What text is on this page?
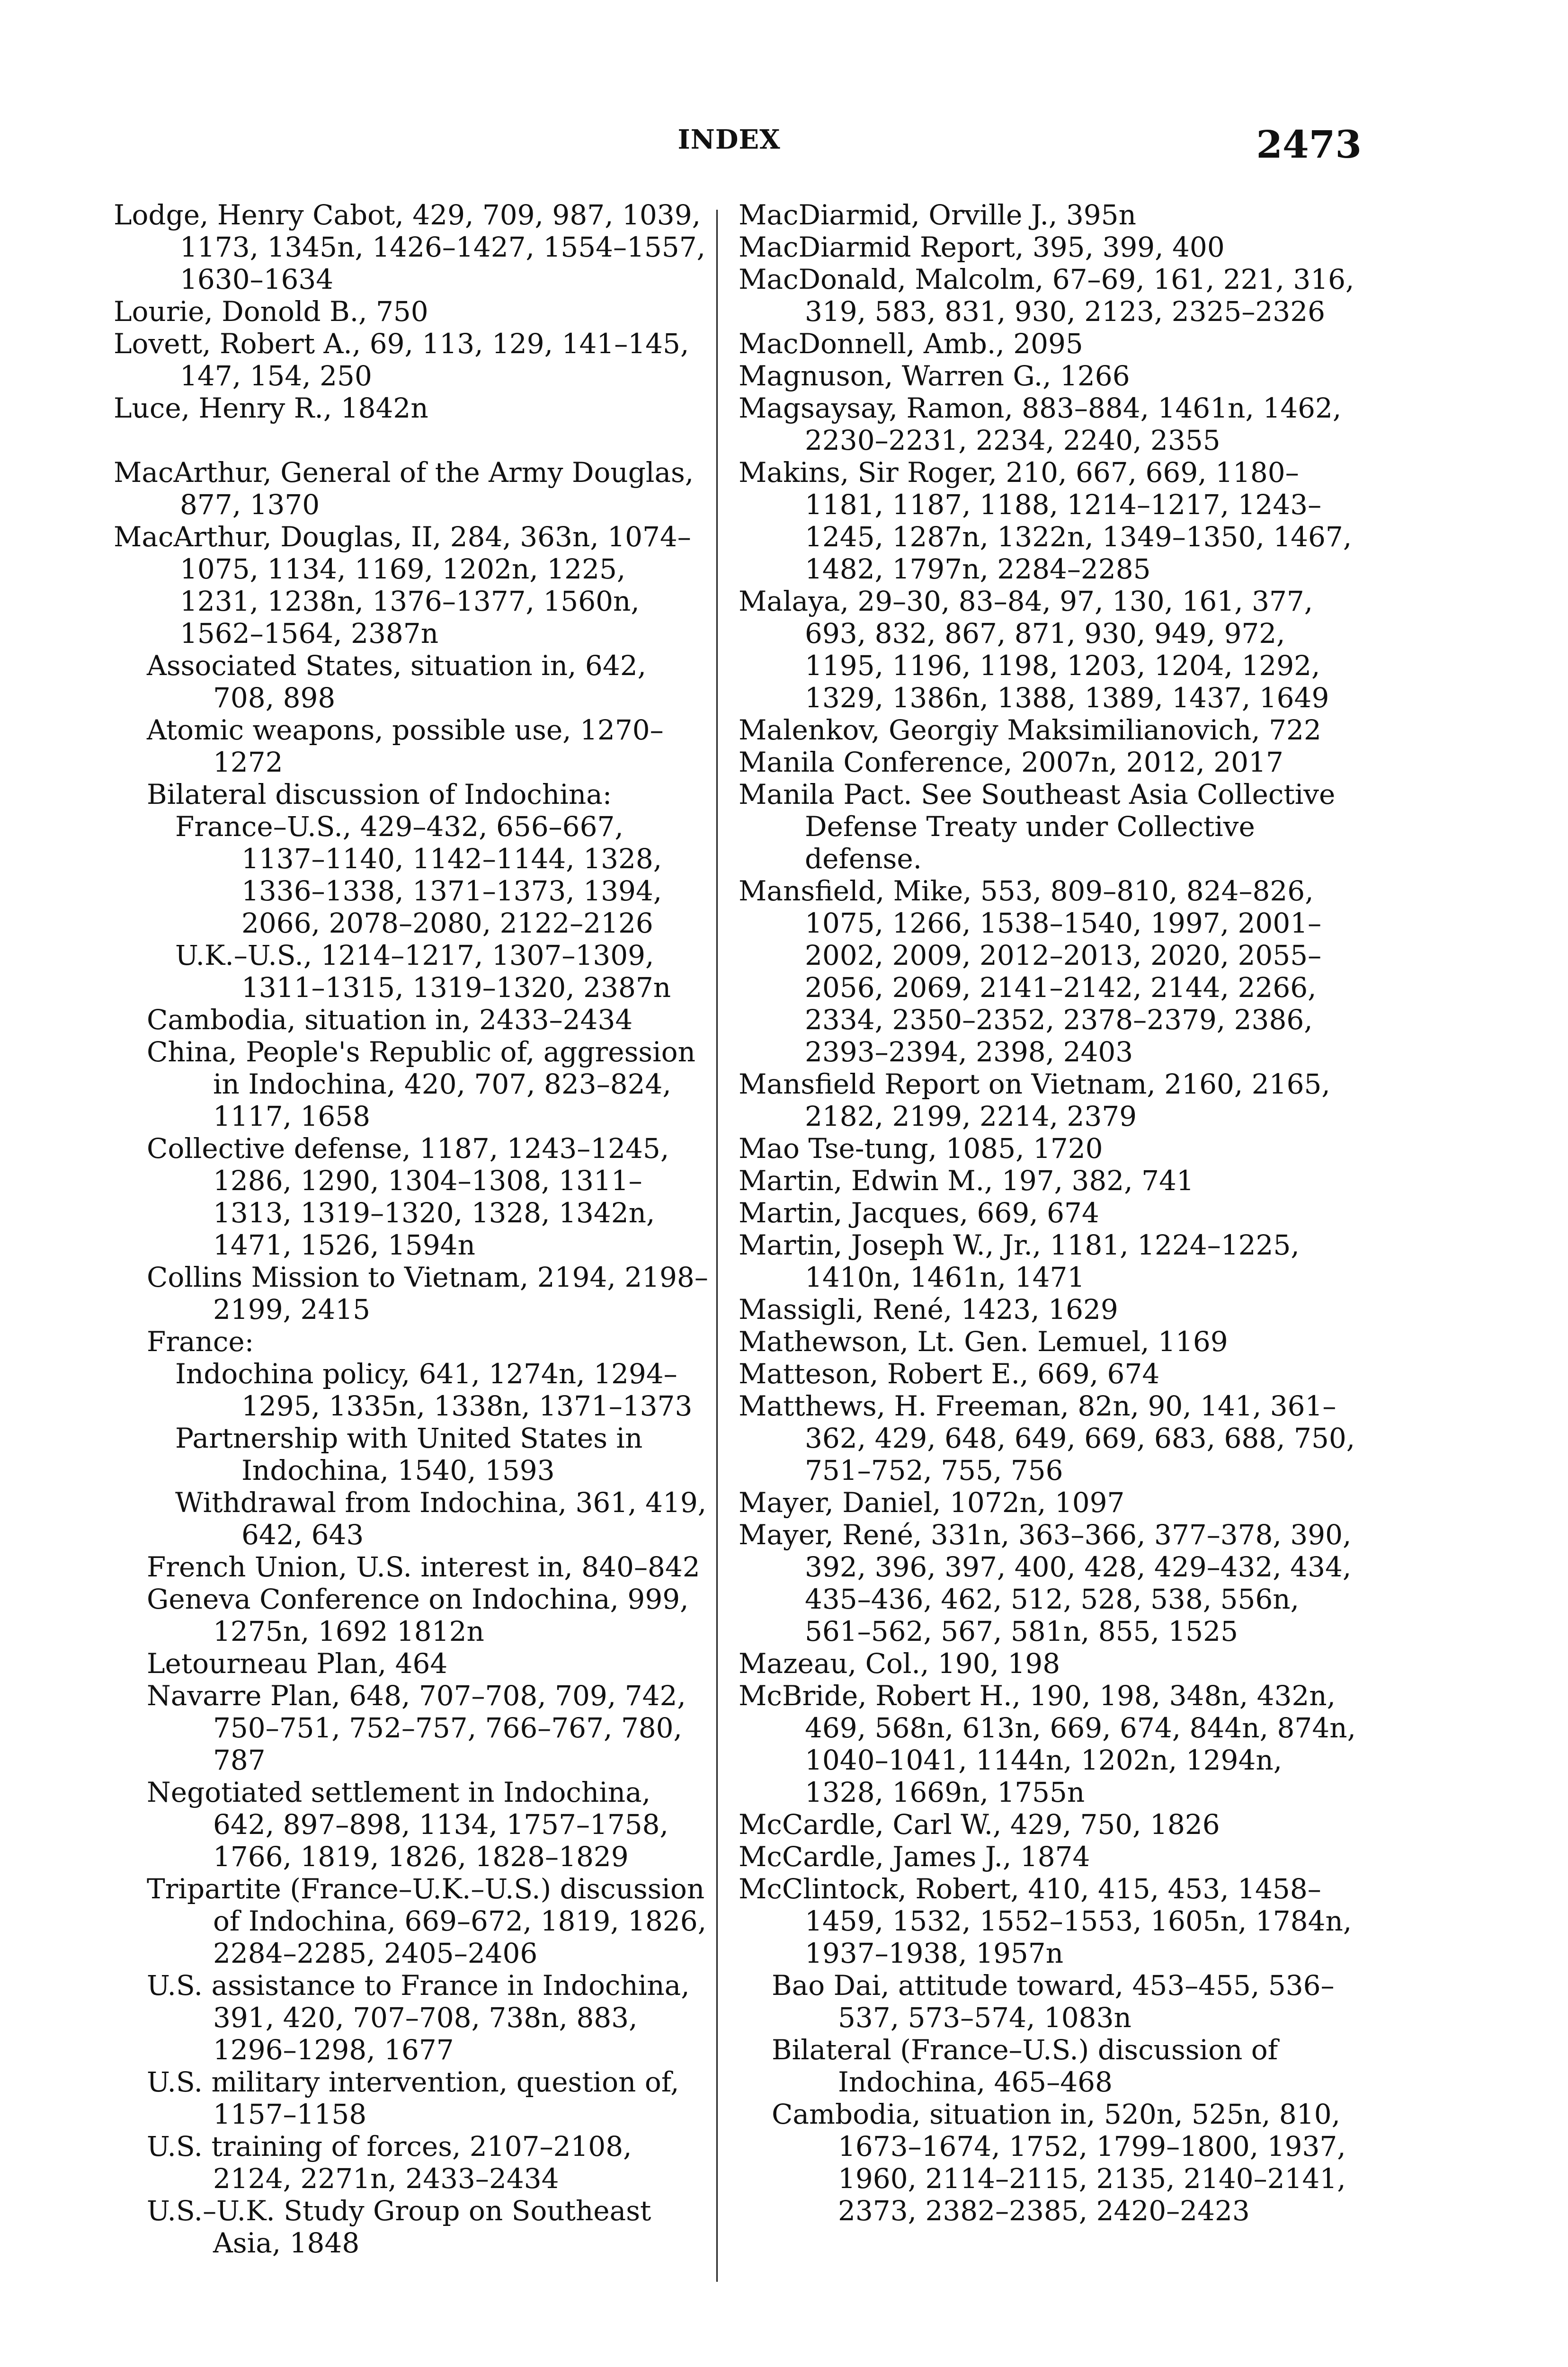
INDEX	2473

Lodge, Henry Cabot, 429, 709, 987, 1039, 1173, 1345n, 1426–1427, 1554–1557, 1630–1634

Lourie, Donold B., 750

Lovett, Robert A., 69, 113, 129, 141–145, 147, 154, 250

Luce, Henry R., 1842n

MacArthur, General of the Army Douglas, 877, 1370

MacArthur, Douglas, II, 284, 363n, 1074–1075, 1134, 1169, 1202n, 1225, 1231, 1238n, 1376–1377, 1560n, 1562–1564, 2387n

Associated States, situation in, 642, 708, 898

Atomic weapons, possible use, 1270–1272

Bilateral discussion of Indochina:

France–U.S., 429–432, 656–667, 1137–1140, 1142–1144, 1328, 1336–1338, 1371–1373, 1394, 2066, 2078–2080, 2122–2126

U.K.–U.S., 1214–1217, 1307–1309, 1311–1315, 1319–1320, 2387n

Cambodia, situation in, 2433–2434

China, People's Republic of, aggression in Indochina, 420, 707, 823–824, 1117, 1658

Collective defense, 1187, 1243–1245, 1286, 1290, 1304–1308, 1311–1313, 1319–1320, 1328, 1342n, 1471, 1526, 1594n

Collins Mission to Vietnam, 2194, 2198–2199, 2415

France:

Indochina policy, 641, 1274n, 1294–1295, 1335n, 1338n, 1371–1373

Partnership with United States in Indochina, 1540, 1593

Withdrawal from Indochina, 361, 419, 642, 643

French Union, U.S. interest in, 840–842

Geneva Conference on Indochina, 999, 1275n, 1692 1812n

Letourneau Plan, 464

Navarre Plan, 648, 707–708, 709, 742, 750–751, 752–757, 766–767, 780, 787

Negotiated settlement in Indochina, 642, 897–898, 1134, 1757–1758, 1766, 1819, 1826, 1828–1829

Tripartite (France–U.K.–U.S.) discussion of Indochina, 669–672, 1819, 1826, 2284–2285, 2405–2406

U.S. assistance to France in Indochina, 391, 420, 707–708, 738n, 883, 1296–1298, 1677

U.S. military intervention, question of, 1157–1158

U.S. training of forces, 2107–2108, 2124, 2271n, 2433–2434

U.S.–U.K. Study Group on Southeast Asia, 1848

MacDiarmid, Orville J., 395n

MacDiarmid Report, 395, 399, 400

MacDonald, Malcolm, 67–69, 161, 221, 316, 319, 583, 831, 930, 2123, 2325–2326

MacDonnell, Amb., 2095

Magnuson, Warren G., 1266

Magsaysay, Ramon, 883–884, 1461n, 1462, 2230–2231, 2234, 2240, 2355

Makins, Sir Roger, 210, 667, 669, 1180–1181, 1187, 1188, 1214–1217, 1243–1245, 1287n, 1322n, 1349–1350, 1467, 1482, 1797n, 2284–2285

Malaya, 29–30, 83–84, 97, 130, 161, 377, 693, 832, 867, 871, 930, 949, 972, 1195, 1196, 1198, 1203, 1204, 1292, 1329, 1386n, 1388, 1389, 1437, 1649

Malenkov, Georgiy Maksimilianovich, 722

Manila Conference, 2007n, 2012, 2017

Manila Pact. See Southeast Asia Collective Defense Treaty under Collective defense.

Mansfield, Mike, 553, 809–810, 824–826, 1075, 1266, 1538–1540, 1997, 2001–2002, 2009, 2012–2013, 2020, 2055–2056, 2069, 2141–2142, 2144, 2266, 2334, 2350–2352, 2378–2379, 2386, 2393–2394, 2398, 2403

Mansfield Report on Vietnam, 2160, 2165, 2182, 2199, 2214, 2379

Mao Tse-tung, 1085, 1720

Martin, Edwin M., 197, 382, 741

Martin, Jacques, 669, 674

Martin, Joseph W., Jr., 1181, 1224–1225, 1410n, 1461n, 1471

Massigli, René, 1423, 1629

Mathewson, Lt. Gen. Lemuel, 1169

Matteson, Robert E., 669, 674

Matthews, H. Freeman, 82n, 90, 141, 361–362, 429, 648, 649, 669, 683, 688, 750, 751–752, 755, 756

Mayer, Daniel, 1072n, 1097

Mayer, René, 331n, 363–366, 377–378, 390, 392, 396, 397, 400, 428, 429–432, 434, 435–436, 462, 512, 528, 538, 556n, 561–562, 567, 581n, 855, 1525

Mazeau, Col., 190, 198

McBride, Robert H., 190, 198, 348n, 432n, 469, 568n, 613n, 669, 674, 844n, 874n, 1040–1041, 1144n, 1202n, 1294n, 1328, 1669n, 1755n

McCardle, Carl W., 429, 750, 1826

McCardle, James J., 1874

McClintock, Robert, 410, 415, 453, 1458–1459, 1532, 1552–1553, 1605n, 1784n, 1937–1938, 1957n

Bao Dai, attitude toward, 453–455, 536–537, 573–574, 1083n

Bilateral (France–U.S.) discussion of Indochina, 465–468

Cambodia, situation in, 520n, 525n, 810, 1673–1674, 1752, 1799–1800, 1937, 1960, 2114–2115, 2135, 2140–2141, 2373, 2382–2385, 2420–2423
